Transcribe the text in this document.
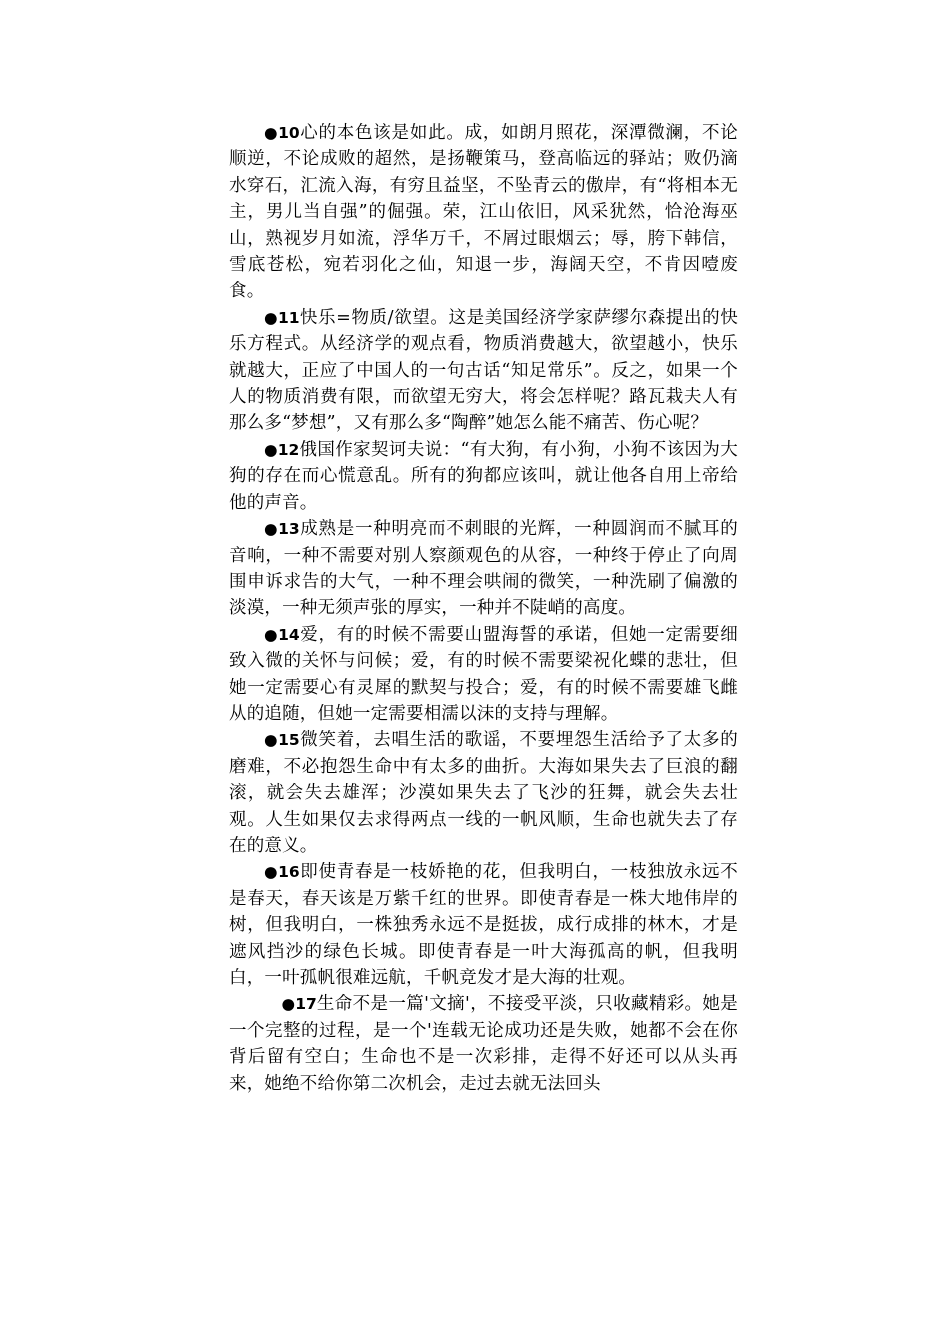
●10心的本色该是如此。成，如朗月照花，深潭微澜，不论顺逆，不论成败的超然，是扬鞭策马，登高临远的驿站；败仍滴水穿石，汇流入海，有穷且益坚，不坠青云的傲岸，有“将相本无主，男儿当自强”的倔强。荣，江山依旧，风采犹然，恰沧海巫山，熟视岁月如流，浮华万千，不屑过眼烟云；辱，胯下韩信，雪底苍松，宛若羽化之仙，知退一步，海阔天空，不肯因噎废食。

●11快乐=物质/欲望。这是美国经济学家萨缪尔森提出的快乐方程式。从经济学的观点看，物质消费越大，欲望越小，快乐就越大，正应了中国人的一句古话“知足常乐”。反之，如果一个人的物质消费有限，而欲望无穷大，将会怎样呢？路瓦栽夫人有那么多“梦想”，又有那么多“陶醉”她怎么能不痛苦、伤心呢？

●12俄国作家契诃夫说：“有大狗，有小狗，小狗不该因为大狗的存在而心慌意乱。所有的狗都应该叫，就让他各自用上帝给他的声音。

●13成熟是一种明亮而不刺眼的光辉，一种圆润而不腻耳的音响，一种不需要对别人察颜观色的从容，一种终于停止了向周围申诉求告的大气，一种不理会哄闹的微笑，一种洗刷了偏激的淡漠，一种无须声张的厚实，一种并不陡峭的高度。

●14爱，有的时候不需要山盟海誓的承诺，但她一定需要细致入微的关怀与问候；爱，有的时候不需要梁祝化蝶的悲壮，但她一定需要心有灵犀的默契与投合；爱，有的时候不需要雄飞雌从的追随，但她一定需要相濡以沫的支持与理解。

●15微笑着，去唱生活的歌谣，不要埋怨生活给予了太多的磨难，不必抱怨生命中有太多的曲折。大海如果失去了巨浪的翻滚，就会失去雄浑；沙漠如果失去了飞沙的狂舞，就会失去壮观。人生如果仅去求得两点一线的一帆风顺，生命也就失去了存在的意义。

●16即使青春是一枝娇艳的花，但我明白，一枝独放永远不是春天，春天该是万紫千红的世界。即使青春是一株大地伟岸的树，但我明白，一株独秀永远不是挺拔，成行成排的林木，才是遮风挡沙的绿色长城。即使青春是一叶大海孤高的帆，但我明白，一叶孤帆很难远航，千帆竞发才是大海的壮观。

●17生命不是一篇'文摘'，不接受平淡，只收藏精彩。她是一个完整的过程，是一个'连载无论成功还是失败，她都不会在你背后留有空白；生命也不是一次彩排，走得不好还可以从头再来，她绝不给你第二次机会，走过去就无法回头
